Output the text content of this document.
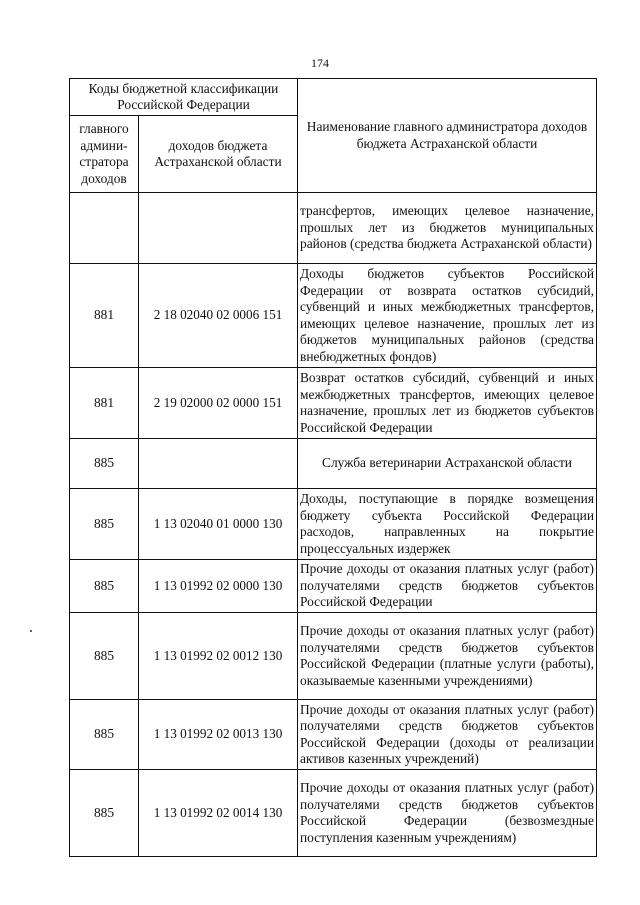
174
Коды бюджетной классификации Российской Федерации		Наименование главного администратора доходов бюджета Астраханской области
главного админи-стратора доходов	доходов бюджета Астраханской области	
		трансфертов, имеющих целевое назначение, прошлых лет из бюджетов муниципальных районов (средства бюджета Астраханской области)
881	2 18 02040 02 0006 151	Доходы бюджетов субъектов Российской Федерации от возврата остатков субсидий, субвенций и иных межбюджетных трансфертов, имеющих целевое назначение, прошлых лет из бюджетов муниципальных районов (средства внебюджетных фондов)
881	2 19 02000 02 0000 151	Возврат остатков субсидий, субвенций и иных межбюджетных трансфертов, имеющих целевое назначение, прошлых лет из бюджетов субъектов Российской Федерации
885		Служба ветеринарии Астраханской области
885	1 13 02040 01 0000 130	Доходы, поступающие в порядке возмещения бюджету субъекта Российской Федерации расходов, направленных на покрытие процессуальных издержек
885	1 13 01992 02 0000 130	Прочие доходы от оказания платных услуг (работ) получателями средств бюджетов субъектов Российской Федерации
885	1 13 01992 02 0012 130	Прочие доходы от оказания платных услуг (работ) получателями средств бюджетов субъектов Российской Федерации (платные услуги (работы), оказываемые казенными учреждениями)
885	1 13 01992 02 0013 130	Прочие доходы от оказания платных услуг (работ) получателями средств бюджетов субъектов Российской Федерации (доходы от реализации активов казенных учреждений)
885	1 13 01992 02 0014 130	Прочие доходы от оказания платных услуг (работ) получателями средств бюджетов субъектов Российской Федерации (безвозмездные поступления казенным учреждениям)
